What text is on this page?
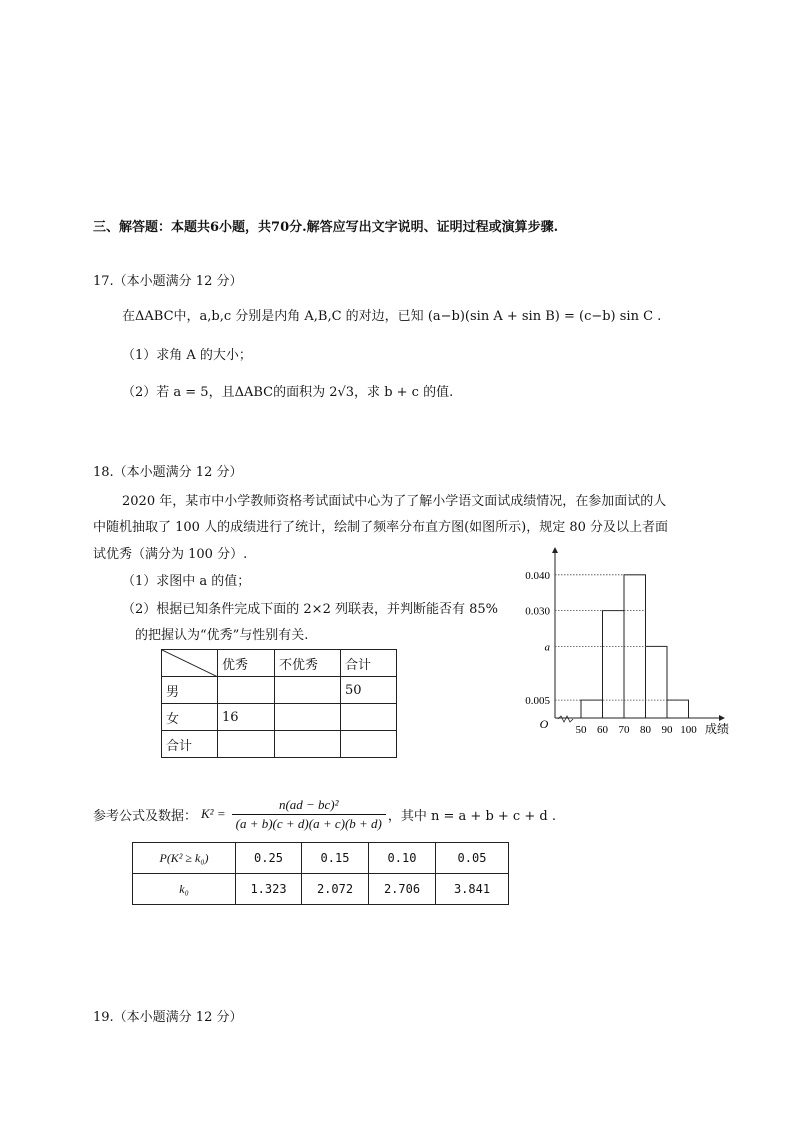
三、解答题：本题共6小题，共70分.解答应写出文字说明、证明过程或演算步骤.
17.（本小题满分 12 分）
在ΔABC中，a,b,c 分别是内角 A,B,C 的对边，已知 (a−b)(sin A + sin B) = (c−b) sin C .
（1）求角 A 的大小；
（2）若 a = 5，且ΔABC的面积为 2√3，求 b + c 的值.
18.（本小题满分 12 分）
2020 年，某市中小学教师资格考试面试中心为了了解小学语文面试成绩情况，在参加面试的人
中随机抽取了 100 人的成绩进行了统计，绘制了频率分布直方图(如图所示)，规定 80 分及以上者面
试优秀（满分为 100 分）.
（1）求图中 a 的值；
（2）根据已知条件完成下面的 2×2 列联表，并判断能否有 85%
的把握认为“优秀”与性别有关.
	优秀	不优秀	合计
男			50
女	16		
合计			
O	成绩
0.040
0.030
a
0.005
50 60 70 80 90 100
参考公式及数据： $K^2 = \frac{\text{n(ad − bc)²}}{(a + b)(c + d)(a + c)(b + d)}$ ，其中 n = a + b + c + d .
P(K² ≥ k₀)	0.25	0.15	0.10	0.05
k₀	1.323	2.072	2.706	3.841
19.（本小题满分 12 分）
